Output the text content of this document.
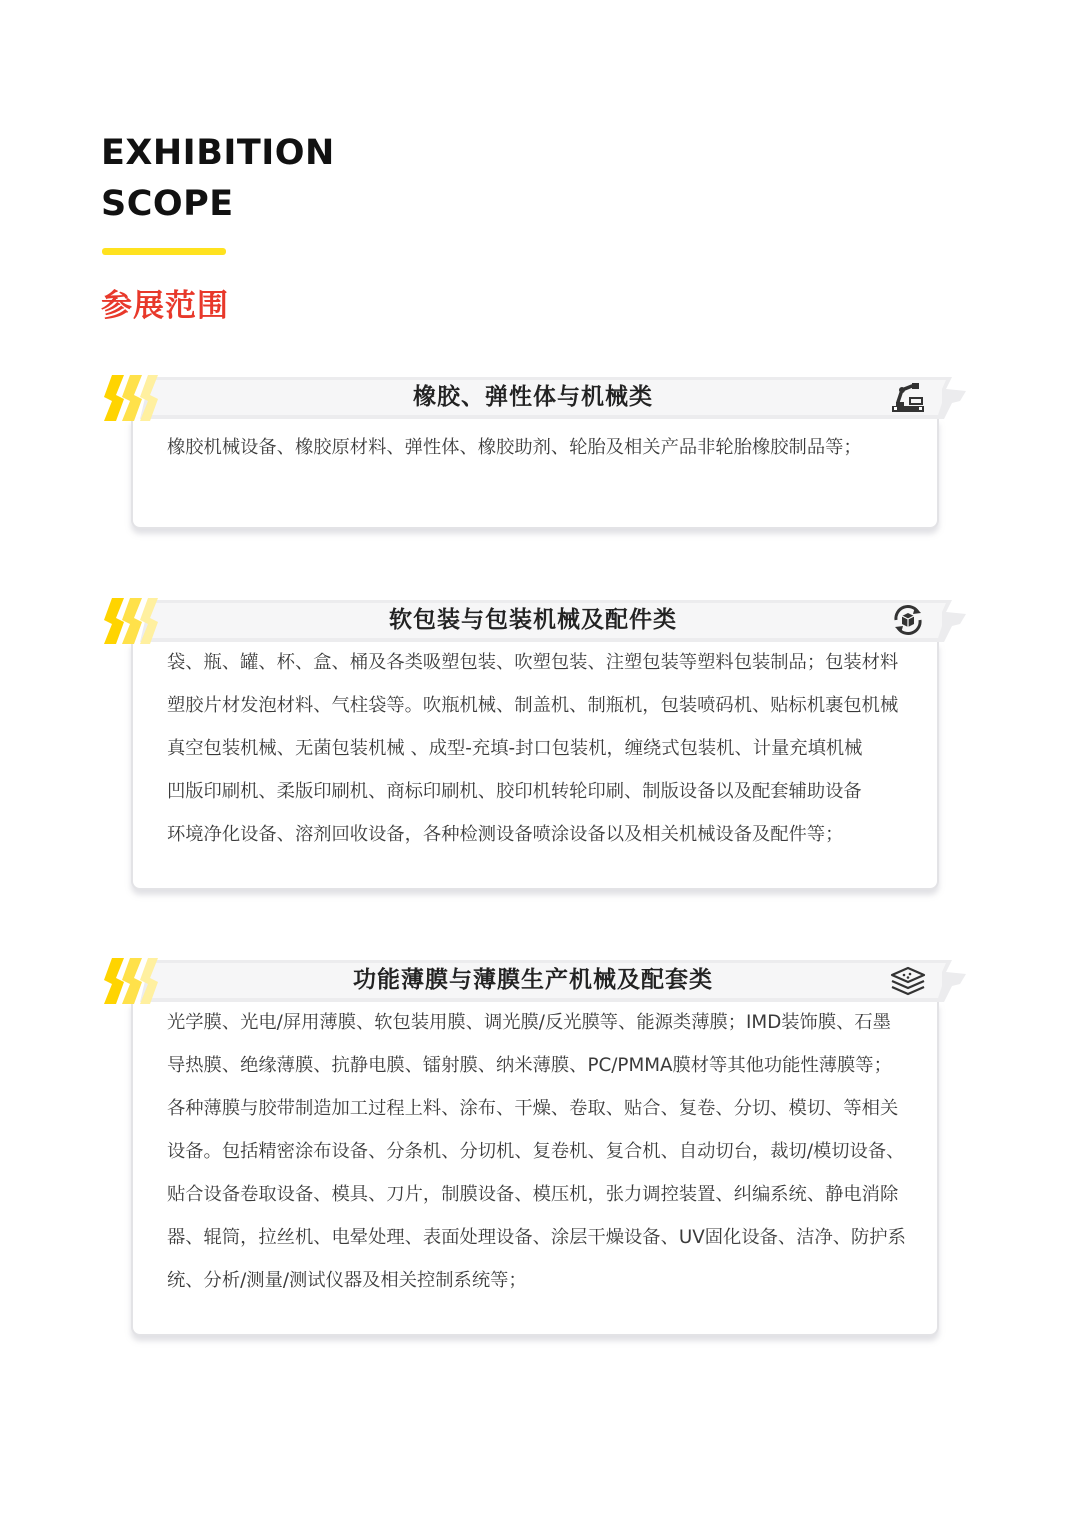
EXHIBITION
SCOPE
参展范围
橡胶机械设备、橡胶原材料、弹性体、橡胶助剂、轮胎及相关产品非轮胎橡胶制品等；
橡胶、弹性体与机械类
袋、瓶、罐、杯、盒、桶及各类吸塑包装、吹塑包装、注塑包装等塑料包装制品；包装材料
塑胶片材发泡材料、气柱袋等。吹瓶机械、制盖机、制瓶机，包装喷码机、贴标机裹包机械
真空包装机械、无菌包装机械 、成型-充填-封口包装机，缠绕式包装机、计量充填机械
凹版印刷机、柔版印刷机、商标印刷机、胶印机转轮印刷、制版设备以及配套辅助设备
环境净化设备、溶剂回收设备，各种检测设备喷涂设备以及相关机械设备及配件等；
软包装与包装机械及配件类
光学膜、光电/屏用薄膜、软包装用膜、调光膜/反光膜等、能源类薄膜；IMD装饰膜、石墨
导热膜、绝缘薄膜、抗静电膜、镭射膜、纳米薄膜、PC/PMMA膜材等其他功能性薄膜等；
各种薄膜与胶带制造加工过程上料、涂布、干燥、卷取、贴合、复卷、分切、模切、等相关
设备。包括精密涂布设备、分条机、分切机、复卷机、复合机、自动切台，裁切/模切设备、
贴合设备卷取设备、模具、刀片，制膜设备、模压机，张力调控装置、纠编系统、静电消除
器、辊筒，拉丝机、电晕处理、表面处理设备、涂层干燥设备、UV固化设备、洁净、防护系
统、分析/测量/测试仪器及相关控制系统等；
功能薄膜与薄膜生产机械及配套类
